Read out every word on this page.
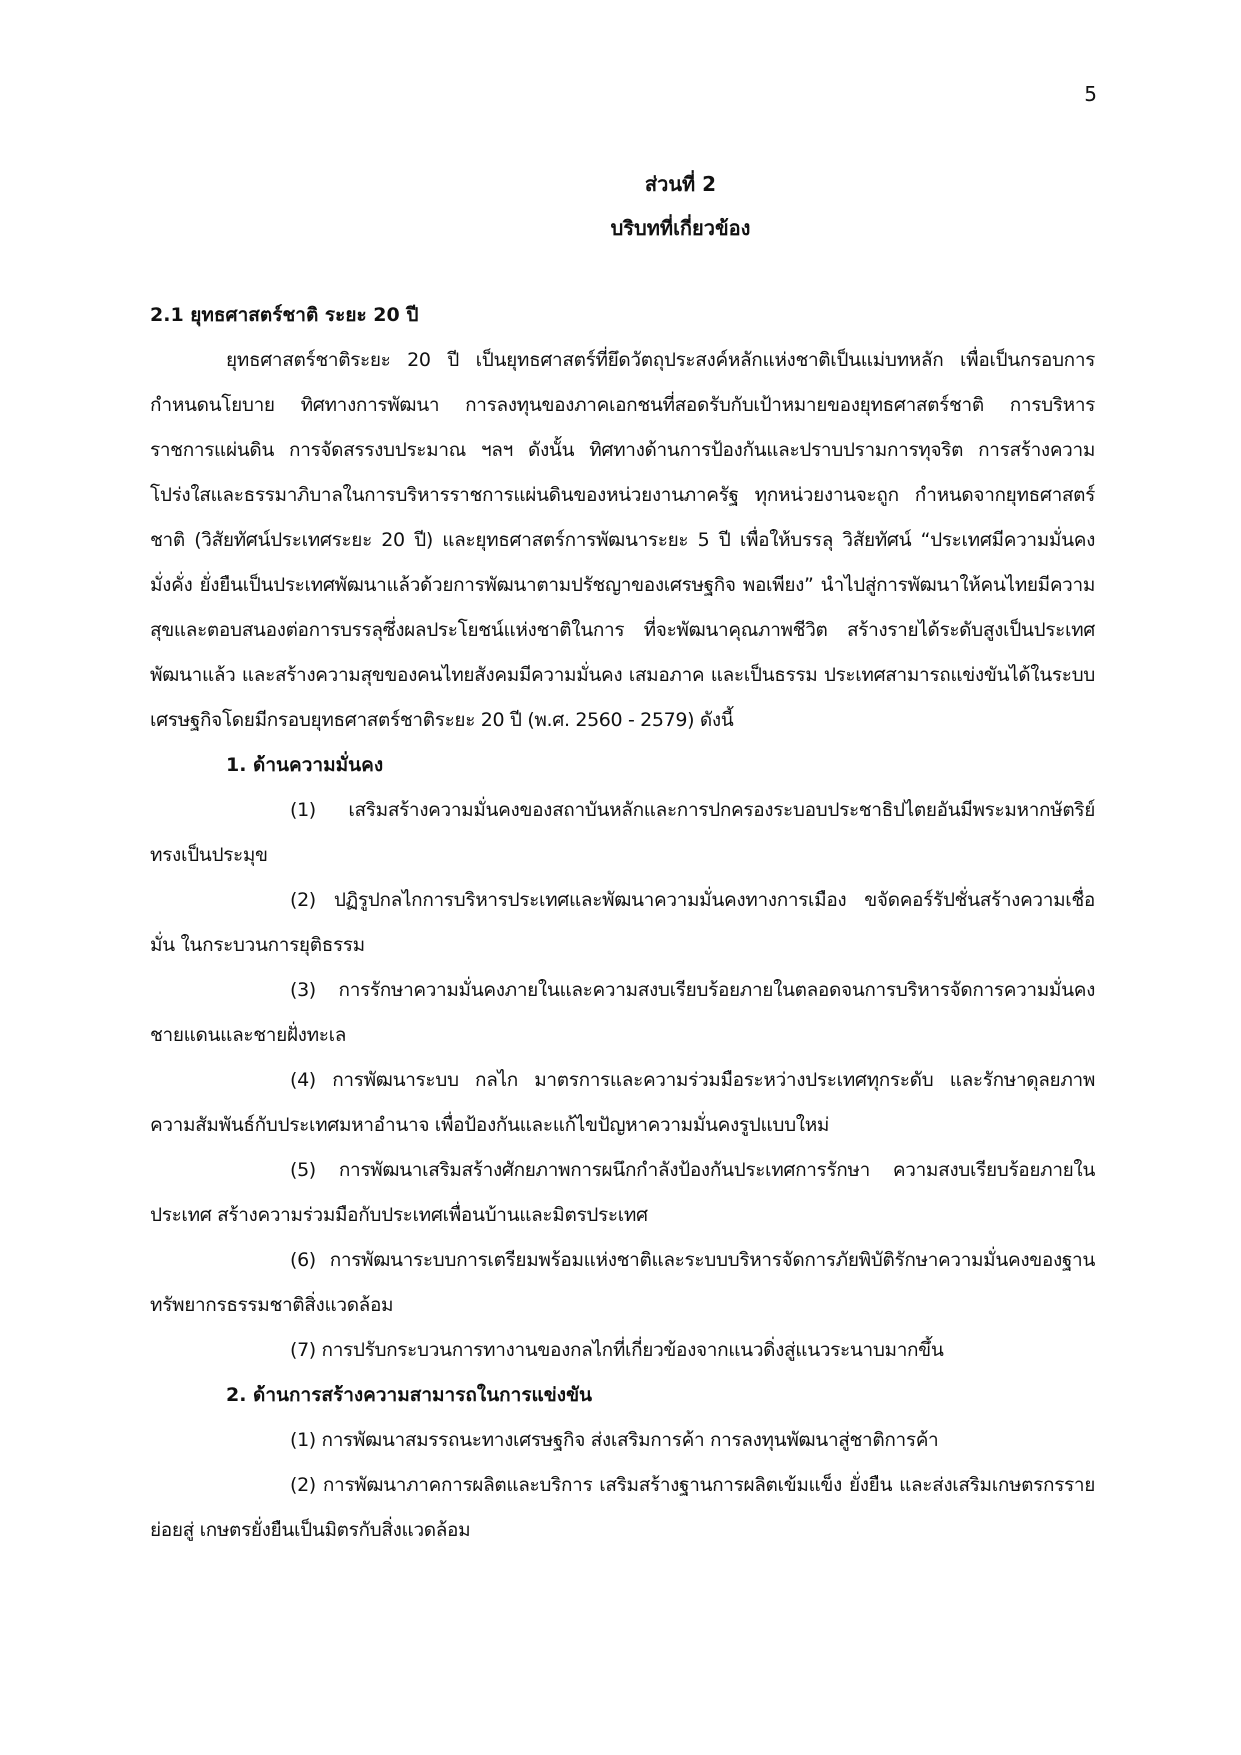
5
ส่วนที่ 2
บริบทที่เกี่ยวข้อง
2.1 ยุทธศาสตร์ชาติ ระยะ 20 ปี

ยุทธศาสตร์ชาติระยะ 20 ปี เป็นยุทธศาสตร์ที่ยึดวัตถุประสงค์หลักแห่งชาติเป็นแม่บทหลัก เพื่อเป็นกรอบการ กำหนดนโยบาย ทิศทางการพัฒนา การลงทุนของภาคเอกชนที่สอดรับกับเป้าหมายของยุทธศาสตร์ชาติ การบริหารราชการแผ่นดิน การจัดสรรงบประมาณ ฯลฯ ดังนั้น ทิศทางด้านการป้องกันและปราบปรามการทุจริต การสร้างความโปร่งใสและธรรมาภิบาลในการบริหารราชการแผ่นดินของหน่วยงานภาครัฐ ทุกหน่วยงานจะถูก กำหนดจากยุทธศาสตร์ชาติ (วิสัยทัศน์ประเทศระยะ 20 ปี) และยุทธศาสตร์การพัฒนาระยะ 5 ปี เพื่อให้บรรลุ วิสัยทัศน์ “ประเทศมีความมั่นคง มั่งคั่ง ยั่งยืนเป็นประเทศพัฒนาแล้วด้วยการพัฒนาตามปรัชญาของเศรษฐกิจ พอเพียง” นำไปสู่การพัฒนาให้คนไทยมีความสุขและตอบสนองต่อการบรรลุซึ่งผลประโยชน์แห่งชาติในการ ที่จะพัฒนาคุณภาพชีวิต สร้างรายได้ระดับสูงเป็นประเทศพัฒนาแล้ว และสร้างความสุขของคนไทยสังคมมีความมั่นคง เสมอภาค และเป็นธรรม ประเทศสามารถแข่งขันได้ในระบบเศรษฐกิจโดยมีกรอบยุทธศาสตร์ชาติระยะ 20 ปี (พ.ศ. 2560 - 2579) ดังนี้

1. ด้านความมั่นคง

(1) เสริมสร้างความมั่นคงของสถาบันหลักและการปกครองระบอบประชาธิปไตยอันมีพระมหากษัตริย์ ทรงเป็นประมุข

(2) ปฏิรูปกลไกการบริหารประเทศและพัฒนาความมั่นคงทางการเมือง ขจัดคอร์รัปชั่นสร้างความเชื่อมั่น ในกระบวนการยุติธรรม

(3) การรักษาความมั่นคงภายในและความสงบเรียบร้อยภายในตลอดจนการบริหารจัดการความมั่นคง ชายแดนและชายฝั่งทะเล

(4) การพัฒนาระบบ กลไก มาตรการและความร่วมมือระหว่างประเทศทุกระดับ และรักษาดุลยภาพความสัมพันธ์กับประเทศมหาอำนาจ เพื่อป้องกันและแก้ไขปัญหาความมั่นคงรูปแบบใหม่

(5) การพัฒนาเสริมสร้างศักยภาพการผนึกกำลังป้องกันประเทศการรักษา ความสงบเรียบร้อยภายในประเทศ สร้างความร่วมมือกับประเทศเพื่อนบ้านและมิตรประเทศ

(6) การพัฒนาระบบการเตรียมพร้อมแห่งชาติและระบบบริหารจัดการภัยพิบัติรักษาความมั่นคงของฐานทรัพยากรธรรมชาติสิ่งแวดล้อม

(7) การปรับกระบวนการทางานของกลไกที่เกี่ยวข้องจากแนวดิ่งสู่แนวระนาบมากขึ้น

2. ด้านการสร้างความสามารถในการแข่งขัน

(1) การพัฒนาสมรรถนะทางเศรษฐกิจ ส่งเสริมการค้า การลงทุนพัฒนาสู่ชาติการค้า

(2) การพัฒนาภาคการผลิตและบริการ เสริมสร้างฐานการผลิตเข้มแข็ง ยั่งยืน และส่งเสริมเกษตรกรรายย่อยสู่ เกษตรยั่งยืนเป็นมิตรกับสิ่งแวดล้อม
